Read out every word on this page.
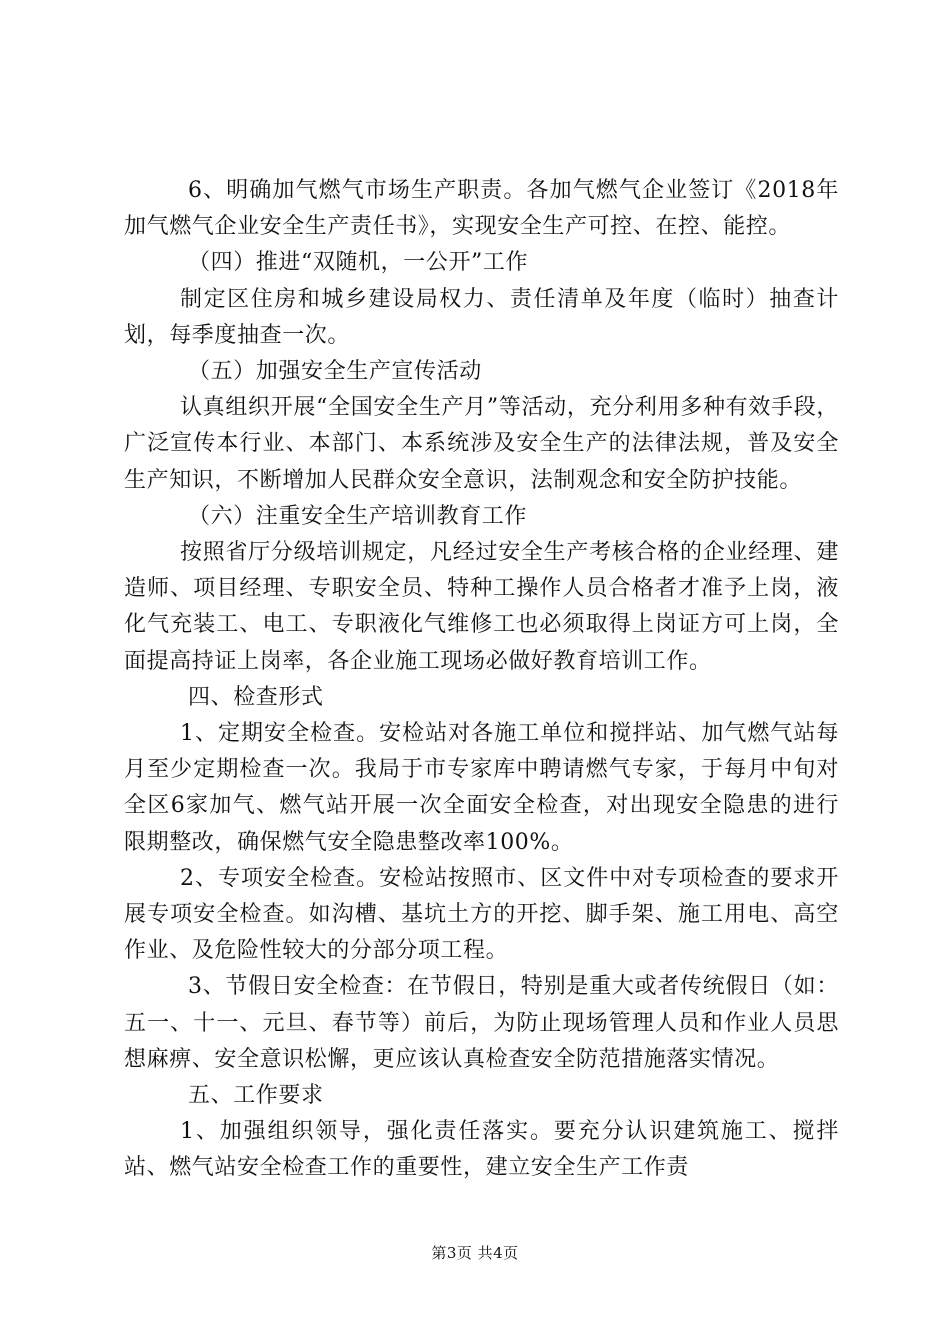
6、明确加气燃气市场生产职责。各加气燃气企业签订《2018年加气燃气企业安全生产责任书》，实现安全生产可控、在控、能控。

（四）推进“双随机，一公开”工作

制定区住房和城乡建设局权力、责任清单及年度（临时）抽查计划，每季度抽查一次。

（五）加强安全生产宣传活动

认真组织开展“全国安全生产月”等活动，充分利用多种有效手段，广泛宣传本行业、本部门、本系统涉及安全生产的法律法规，普及安全生产知识，不断增加人民群众安全意识，法制观念和安全防护技能。

（六）注重安全生产培训教育工作

按照省厅分级培训规定，凡经过安全生产考核合格的企业经理、建造师、项目经理、专职安全员、特种工操作人员合格者才准予上岗，液化气充装工、电工、专职液化气维修工也必须取得上岗证方可上岗，全面提高持证上岗率，各企业施工现场必做好教育培训工作。

四、检查形式

1、定期安全检查。安检站对各施工单位和搅拌站、加气燃气站每月至少定期检查一次。我局于市专家库中聘请燃气专家，于每月中旬对全区6家加气、燃气站开展一次全面安全检查，对出现安全隐患的进行限期整改，确保燃气安全隐患整改率100%。

2、专项安全检查。安检站按照市、区文件中对专项检查的要求开展专项安全检查。如沟槽、基坑土方的开挖、脚手架、施工用电、高空作业、及危险性较大的分部分项工程。

3、节假日安全检查：在节假日，特别是重大或者传统假日（如：五一、十一、元旦、春节等）前后，为防止现场管理人员和作业人员思想麻痹、安全意识松懈，更应该认真检查安全防范措施落实情况。

五、工作要求

1、加强组织领导，强化责任落实。要充分认识建筑施工、搅拌站、燃气站安全检查工作的重要性，建立安全生产工作责

第3页 共4页
